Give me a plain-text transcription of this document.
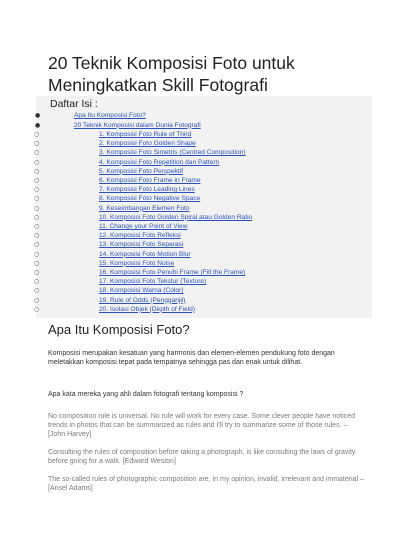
20 Teknik Komposisi Foto untuk Meningkatkan Skill Fotografi
Daftar Isi :
●	Apa Itu Komposisi Foto?
●	20 Teknik Komposisi dalam Dunia Fotografi
○	1. Komposisi Foto Rule of Third
○	2. Komposisi Foto Golden Shape
○	3. Komposisi Foto Simetris (Centred Composition)
○	4. Komposisi Foto Repetition dan Pattern
○	5. Komposisi Foto Perspektif
○	6. Komposisi Foto Frame in Frame
○	7. Komposisi Foto Leading Lines
○	8. Komposisi Foto Negative Space
○	9. Keseimbangan Elemen Foto
○	10. Komposisi Foto Golden Spiral atau Golden Ratio
○	11. Change your Point of View
○	12. Komposisi Foto Refleksi
○	13. Komposisi Foto Separasi
○	14. Komposisi Foto Motion Blur
○	15. Komposisi Foto Noise
○	16. Komposisi Foto Penuhi Frame (Fill the Frame)
○	17. Komposisi Foto Tekstur (Texture)
○	18. Komposisi Warna (Color)
○	19. Rule of Odds (Pengganjil)
○	20. Isolasi Objek (Depth of Field)
Apa Itu Komposisi Foto?
Komposisi merupakan kesatuan yang harmonis dan elemen-elemen pendukung foto dengan meletakkan komposisi tepat pada tempatnya sehingga pas dan enak untuk dilihat.
Apa kata mereka yang ahli dalam fotografi tentang komposisi ?
No composition rule is universal. No rule will work for every case. Some clever people have noticed trends in photos that can be summarized as rules and I'll try to summarize some of those rules. – [John Harvey]
Consulting the rules of composition before taking a photograph, is like consulting the laws of gravity before going for a walk. [Edward Weston]
The so-called rules of photographic composition are, in my opinion, invalid, irrelevant and immaterial – [Ansel Adams]
